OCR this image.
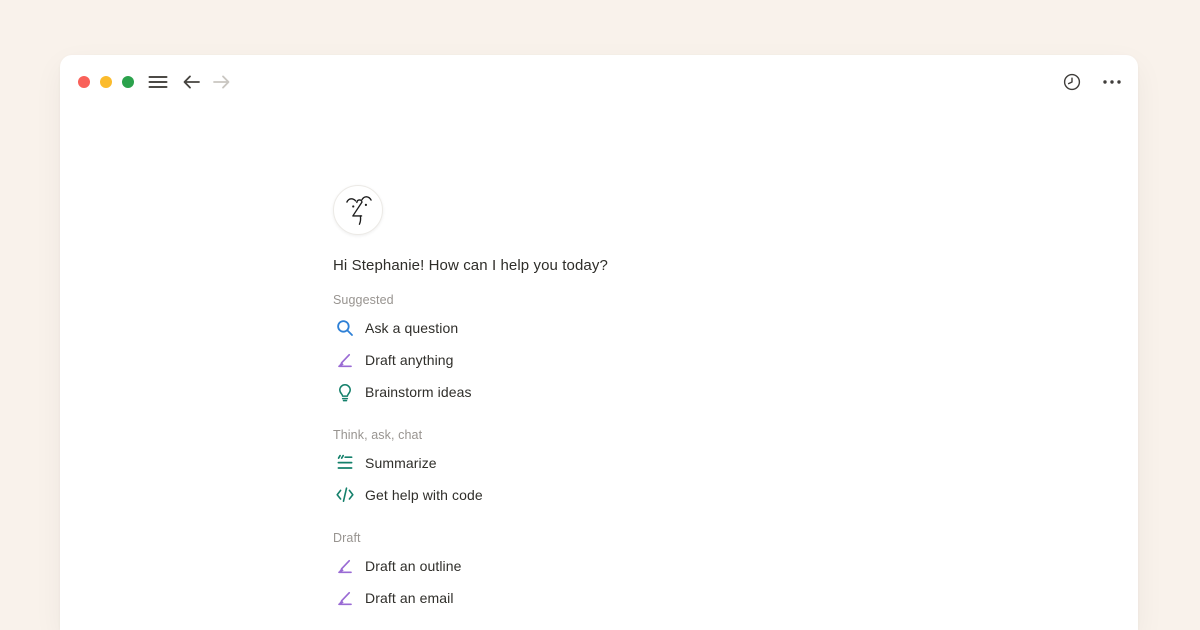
Hi Stephanie! How can I help you today?
Suggested
Ask a question
Draft anything
Brainstorm ideas
Think, ask, chat
Summarize
Get help with code
Draft
Draft an outline
Draft an email
